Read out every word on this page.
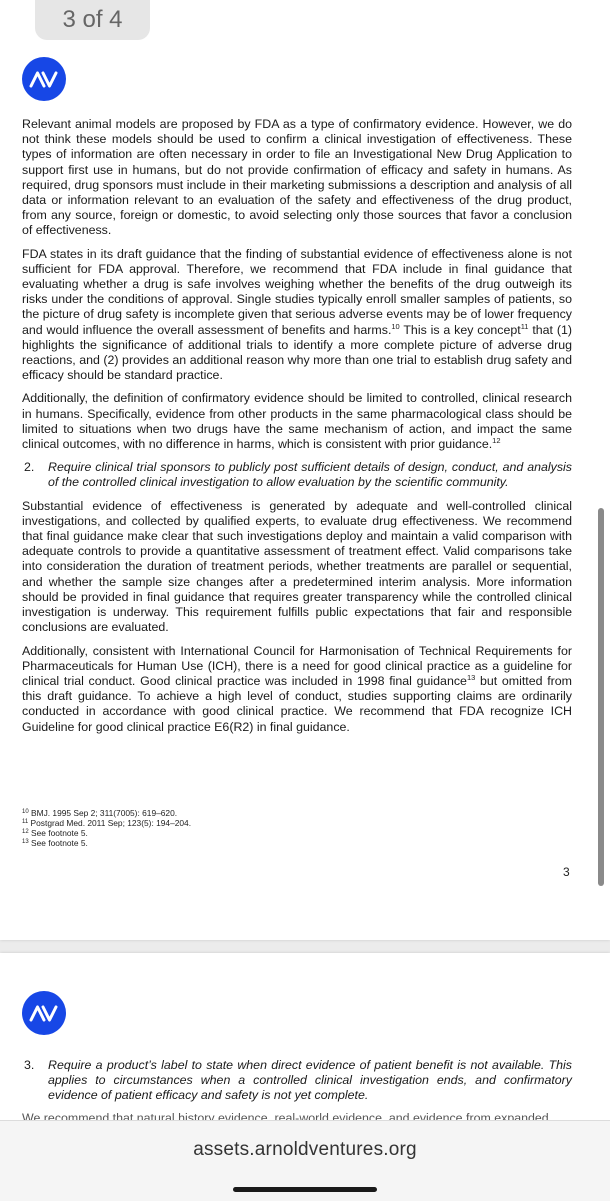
Relevant animal models are proposed by FDA as a type of confirmatory evidence. However, we do not think these models should be used to confirm a clinical investigation of effectiveness. These types of information are often necessary in order to file an Investigational New Drug Application to support first use in humans, but do not provide confirmation of efficacy and safety in humans. As required, drug sponsors must include in their marketing submissions a description and analysis of all data or information relevant to an evaluation of the safety and effectiveness of the drug product, from any source, foreign or domestic, to avoid selecting only those sources that favor a conclusion of effectiveness.

FDA states in its draft guidance that the finding of substantial evidence of effectiveness alone is not sufficient for FDA approval. Therefore, we recommend that FDA include in final guidance that evaluating whether a drug is safe involves weighing whether the benefits of the drug outweigh its risks under the conditions of approval. Single studies typically enroll smaller samples of patients, so the picture of drug safety is incomplete given that serious adverse events may be of lower frequency and would influence the overall assessment of benefits and harms.$^{10}$ This is a key concept$^{11}$ that (1) highlights the significance of additional trials to identify a more complete picture of adverse drug reactions, and (2) provides an additional reason why more than one trial to establish drug safety and efficacy should be standard practice.

Additionally, the definition of confirmatory evidence should be limited to controlled, clinical research in humans. Specifically, evidence from other products in the same pharmacological class should be limited to situations when two drugs have the same mechanism of action, and impact the same clinical outcomes, with no difference in harms, which is consistent with prior guidance.$^{12}$

2.	Require clinical trial sponsors to publicly post sufficient details of design, conduct, and analysis of the controlled clinical investigation to allow evaluation by the scientific community.

Substantial evidence of effectiveness is generated by adequate and well-controlled clinical investigations, and collected by qualified experts, to evaluate drug effectiveness. We recommend that final guidance make clear that such investigations deploy and maintain a valid comparison with adequate controls to provide a quantitative assessment of treatment effect. Valid comparisons take into consideration the duration of treatment periods, whether treatments are parallel or sequential, and whether the sample size changes after a predetermined interim analysis. More information should be provided in final guidance that requires greater transparency while the controlled clinical investigation is underway. This requirement fulfills public expectations that fair and responsible conclusions are evaluated.

Additionally, consistent with International Council for Harmonisation of Technical Requirements for Pharmaceuticals for Human Use (ICH), there is a need for good clinical practice as a guideline for clinical trial conduct. Good clinical practice was included in 1998 final guidance$^{13}$ but omitted from this draft guidance. To achieve a high level of conduct, studies supporting claims are ordinarily conducted in accordance with good clinical practice. We recommend that FDA recognize ICH Guideline for good clinical practice E6(R2) in final guidance.

$^{10}$ BMJ. 1995 Sep 2; 311(7005): 619–620.
$^{11}$ Postgrad Med. 2011 Sep; 123(5): 194–204.
$^{12}$ See footnote 5.
$^{13}$ See footnote 5.
3
3 of 4
3.	Require a product’s label to state when direct evidence of patient benefit is not available. This applies to circumstances when a controlled clinical investigation ends, and confirmatory evidence of patient efficacy and safety is not yet complete.
assets.arnoldventures.org
